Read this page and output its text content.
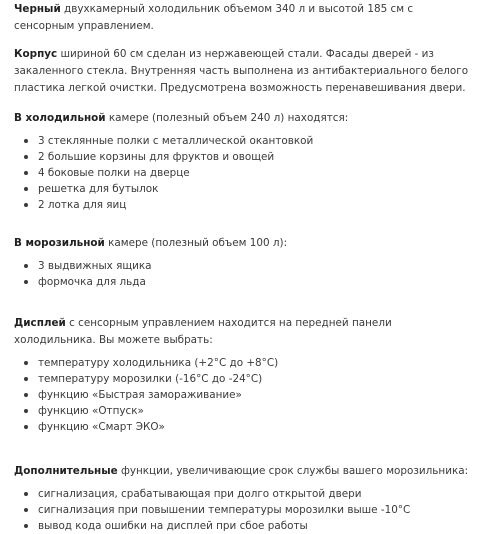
Черный двухкамерный холодильник объемом 340 л и высотой 185 см с сенсорным управлением.

Корпус шириной 60 см сделан из нержавеющей стали. Фасады дверей - из закаленного стекла. Внутренняя часть выполнена из антибактериального белого пластика легкой очистки. Предусмотрена возможность перенавешивания двери.

В холодильной камере (полезный объем 240 л) находятся:

3 стеклянные полки с металлической окантовкой
2 большие корзины для фруктов и овощей
4 боковые полки на дверце
решетка для бутылок
2 лотка для яиц

В морозильной камере (полезный объем 100 л):

3 выдвижных ящика
формочка для льда

Дисплей с сенсорным управлением находится на передней панели холодильника. Вы можете выбрать:

температуру холодильника (+2°С до +8°С)
температуру морозилки (-16°С до -24°С)
функцию «Быстрая замораживание»
функцию «Отпуск»
функцию «Смарт ЭКО»

Дополнительные функции, увеличивающие срок службы вашего морозильника:

сигнализация, срабатывающая при долго открытой двери
сигнализация при повышении температуры морозилки выше -10°С
вывод кода ошибки на дисплей при сбое работы
